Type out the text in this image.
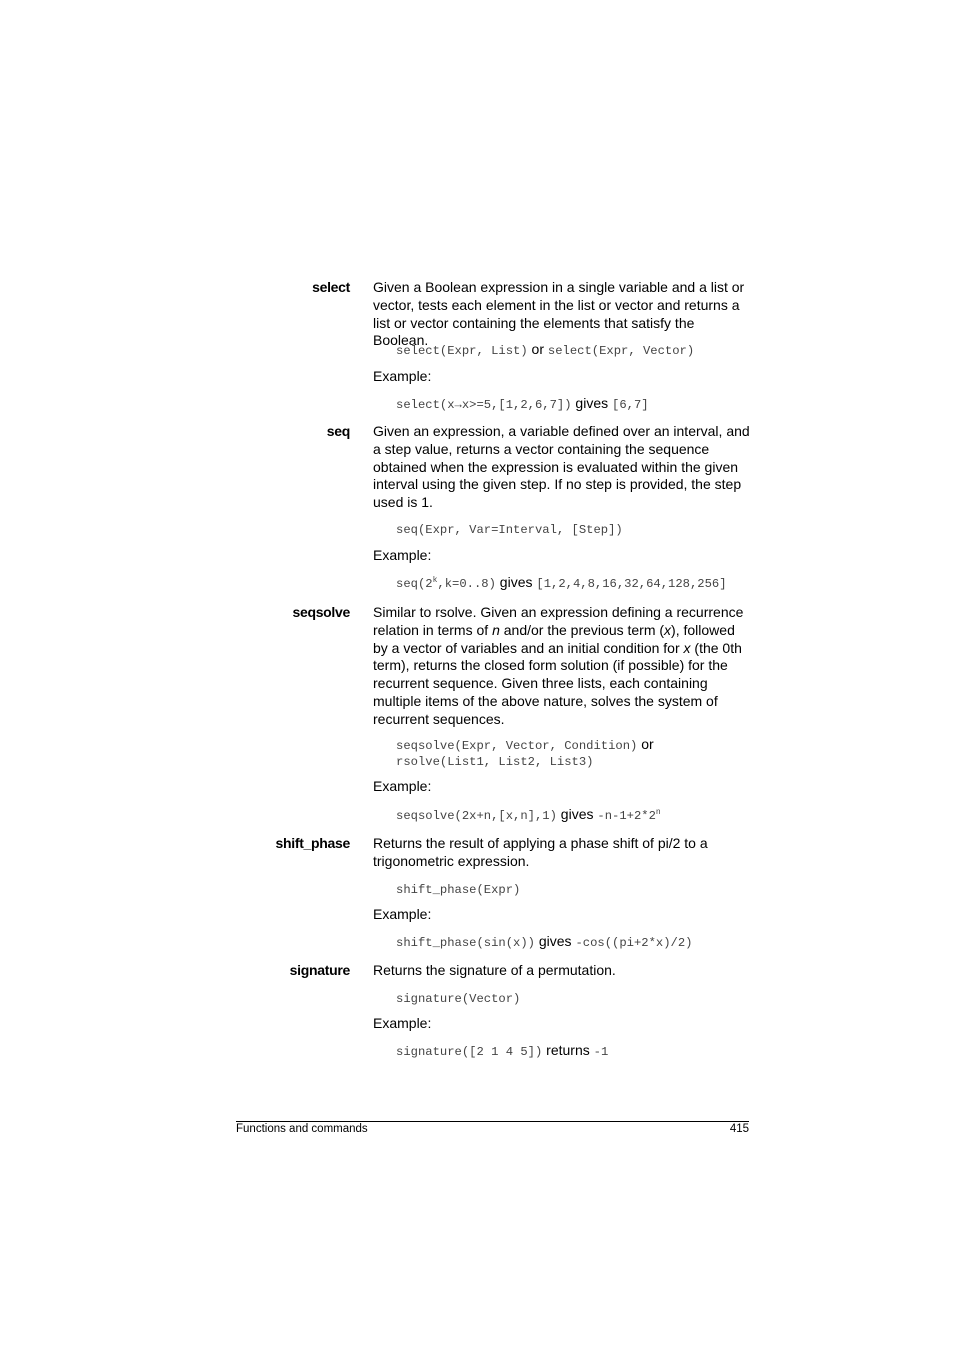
select Given a Boolean expression in a single variable and a list or vector, tests each element in the list or vector and returns a list or vector containing the elements that satisfy the Boolean.
select(Expr, List) or select(Expr, Vector)
Example:
select(x→x>=5,[1,2,6,7]) gives [6,7]
seq Given an expression, a variable defined over an interval, and a step value, returns a vector containing the sequence obtained when the expression is evaluated within the given interval using the given step. If no step is provided, the step used is 1.
seq(Expr, Var=Interval, [Step])
Example:
$seq(2^k,k=0..8)$ gives [1,2,4,8,16,32,64,128,256]
seqsolve Similar to rsolve. Given an expression defining a recurrence relation in terms of n and/or the previous term (x), followed by a vector of variables and an initial condition for x (the 0th term), returns the closed form solution (if possible) for the recurrent sequence. Given three lists, each containing multiple items of the above nature, solves the system of recurrent sequences.
seqsolve(Expr, Vector, Condition) or
rsolve(List1, List2, List3)
Example:
seqsolve(2x+n,[x,n],1) gives $-n-1+2*2^n$
shift_phase Returns the result of applying a phase shift of pi/2 to a trigonometric expression.
shift_phase(Expr)
Example:
shift_phase(sin(x)) gives -cos((pi+2*x)/2)
signature Returns the signature of a permutation.
signature(Vector)
Example:
signature([2 1 4 5]) returns -1
Functions and commands	415
